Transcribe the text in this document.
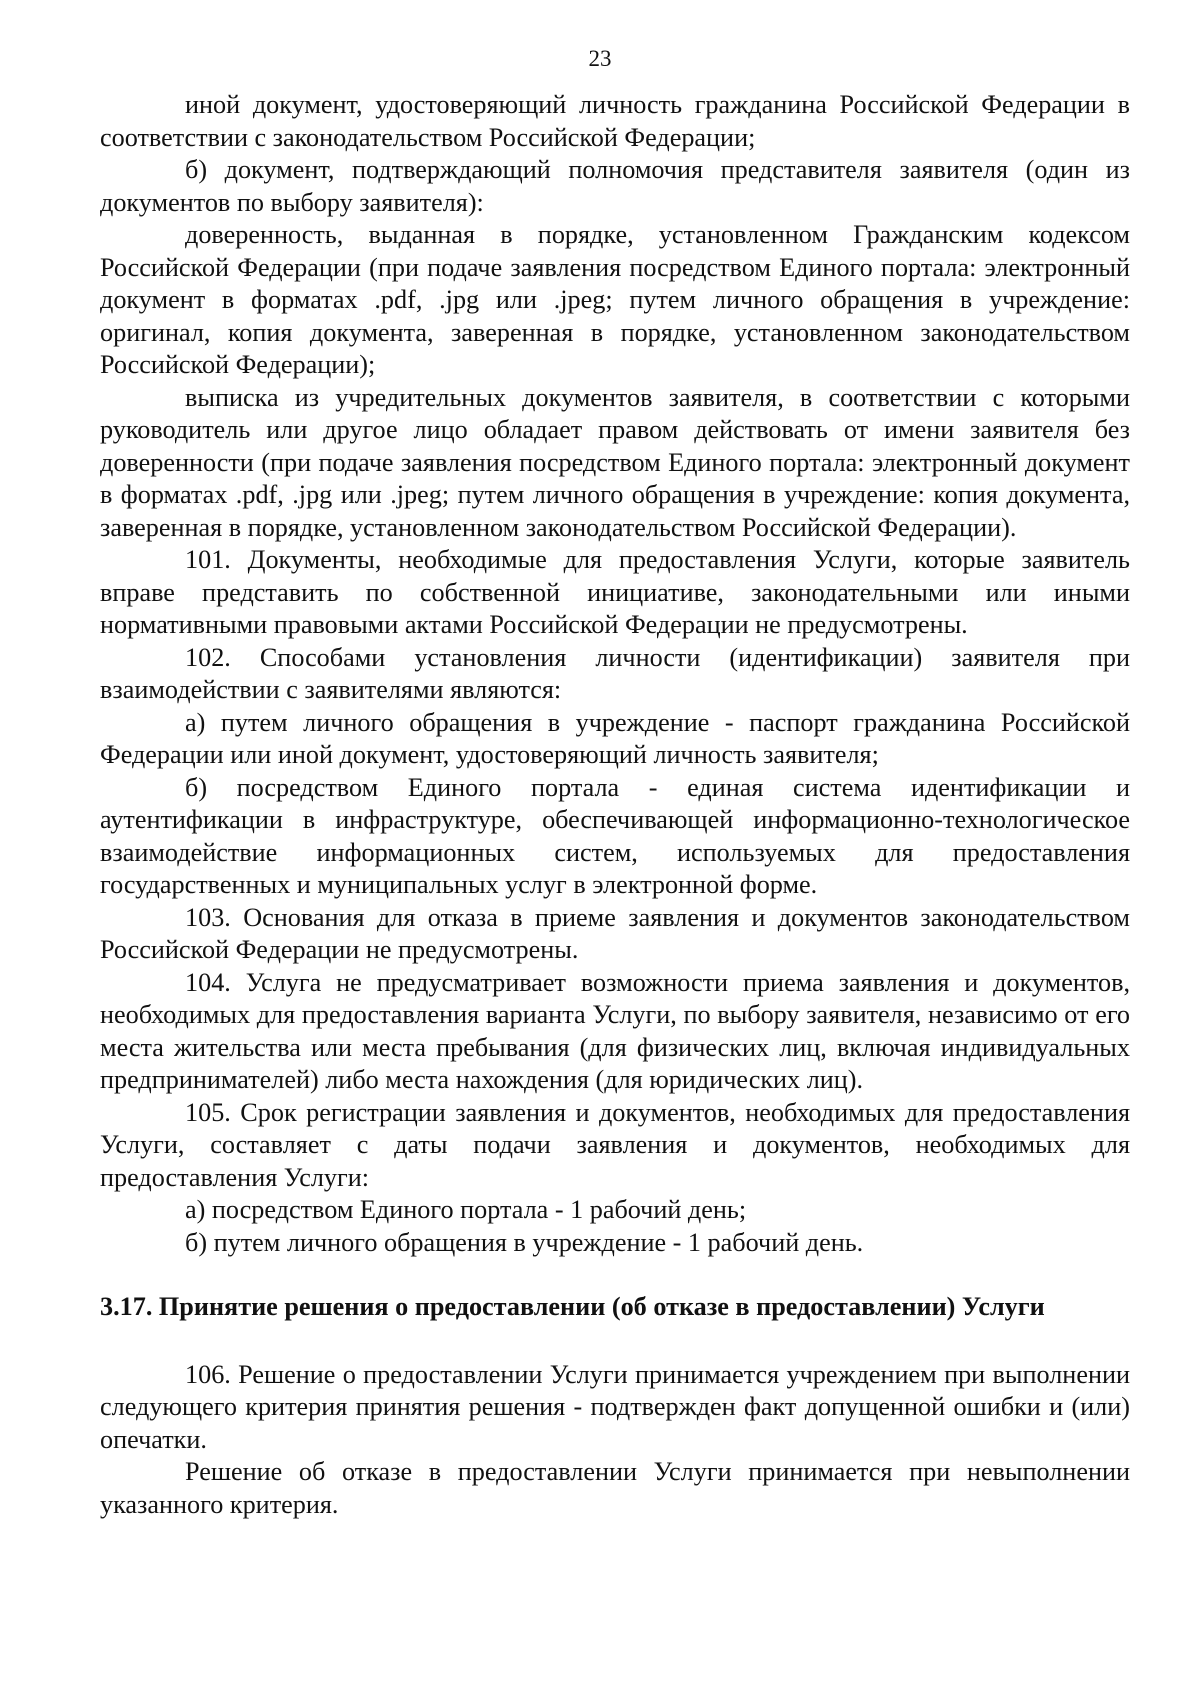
23

иной документ, удостоверяющий личность гражданина Российской Федерации в соответствии с законодательством Российской Федерации;

б) документ, подтверждающий полномочия представителя заявителя (один из документов по выбору заявителя):

доверенность, выданная в порядке, установленном Гражданским кодексом Российской Федерации (при подаче заявления посредством Единого портала: электронный документ в форматах .pdf, .jpg или .jpeg; путем личного обращения в учреждение: оригинал, копия документа, заверенная в порядке, установленном законодательством Российской Федерации);

выписка из учредительных документов заявителя, в соответствии с которыми руководитель или другое лицо обладает правом действовать от имени заявителя без доверенности (при подаче заявления посредством Единого портала: электронный документ в форматах .pdf, .jpg или .jpeg; путем личного обращения в учреждение: копия документа, заверенная в порядке, установленном законодательством Российской Федерации).

101. Документы, необходимые для предоставления Услуги, которые заявитель вправе представить по собственной инициативе, законодательными или иными нормативными правовыми актами Российской Федерации не предусмотрены.

102. Способами установления личности (идентификации) заявителя при взаимодействии с заявителями являются:

а) путем личного обращения в учреждение - паспорт гражданина Российской Федерации или иной документ, удостоверяющий личность заявителя;

б) посредством Единого портала - единая система идентификации и аутентификации в инфраструктуре, обеспечивающей информационно-технологическое взаимодействие информационных систем, используемых для предоставления государственных и муниципальных услуг в электронной форме.

103. Основания для отказа в приеме заявления и документов законодательством Российской Федерации не предусмотрены.

104. Услуга не предусматривает возможности приема заявления и документов, необходимых для предоставления варианта Услуги, по выбору заявителя, независимо от его места жительства или места пребывания (для физических лиц, включая индивидуальных предпринимателей) либо места нахождения (для юридических лиц).

105. Срок регистрации заявления и документов, необходимых для предоставления Услуги, составляет с даты подачи заявления и документов, необходимых для предоставления Услуги:

а) посредством Единого портала - 1 рабочий день;

б) путем личного обращения в учреждение - 1 рабочий день.

3.17. Принятие решения о предоставлении (об отказе в предоставлении) Услуги

106. Решение о предоставлении Услуги принимается учреждением при выполнении следующего критерия принятия решения - подтвержден факт допущенной ошибки и (или) опечатки.

Решение об отказе в предоставлении Услуги принимается при невыполнении указанного критерия.
